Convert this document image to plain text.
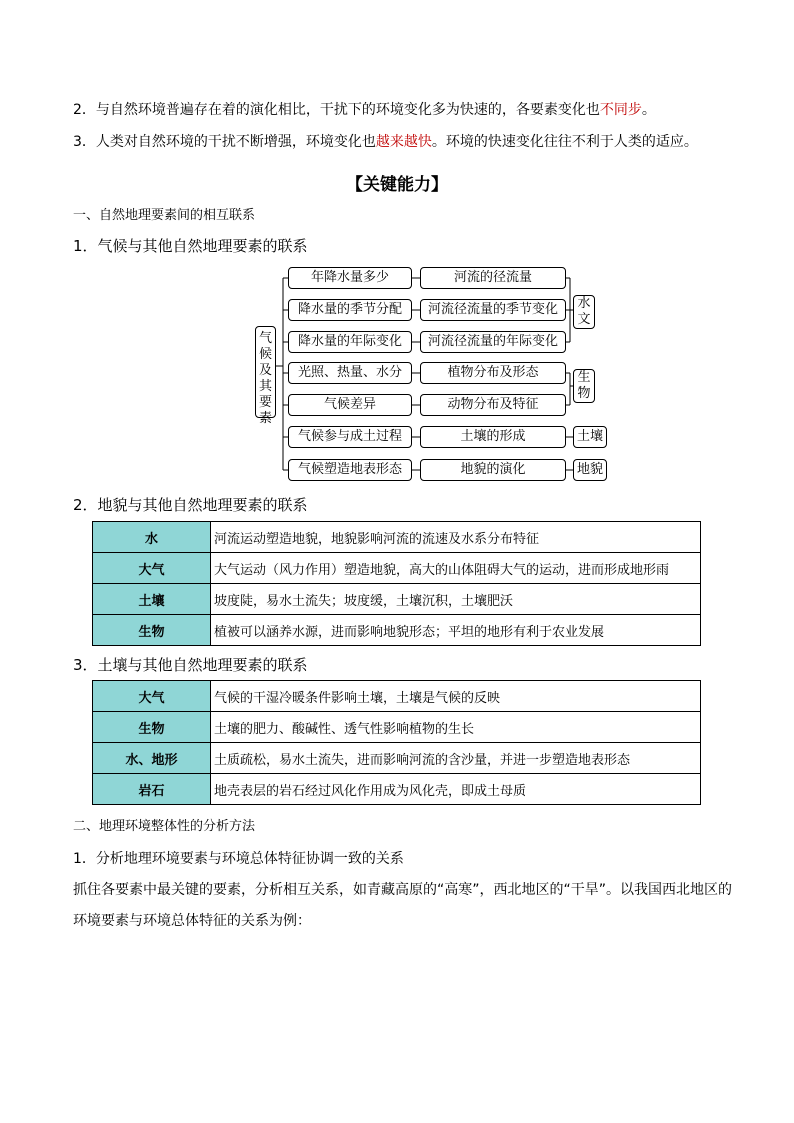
2．与自然环境普遍存在着的演化相比，干扰下的环境变化多为快速的，各要素变化也不同步。
3．人类对自然环境的干扰不断增强，环境变化也越来越快。环境的快速变化往往不利于人类的适应。
【关键能力】
一、自然地理要素间的相互联系
1．气候与其他自然地理要素的联系
气候及其要素
年降水量多少
降水量的季节分配
降水量的年际变化
光照、热量、水分
气候差异
气候参与成土过程
气候塑造地表形态
河流的径流量
河流径流量的季节变化
河流径流量的年际变化
植物分布及形态
动物分布及特征
土壤的形成
地貌的演化
水文
生物
土壤
地貌
2．地貌与其他自然地理要素的联系
水	河流运动塑造地貌，地貌影响河流的流速及水系分布特征
大气	大气运动（风力作用）塑造地貌，高大的山体阻碍大气的运动，进而形成地形雨
土壤	坡度陡，易水土流失；坡度缓，土壤沉积，土壤肥沃
生物	植被可以涵养水源，进而影响地貌形态；平坦的地形有利于农业发展
3．土壤与其他自然地理要素的联系
大气	气候的干湿冷暖条件影响土壤，土壤是气候的反映
生物	土壤的肥力、酸碱性、透气性影响植物的生长
水、地形	土质疏松，易水土流失，进而影响河流的含沙量，并进一步塑造地表形态
岩石	地壳表层的岩石经过风化作用成为风化壳，即成土母质
二、地理环境整体性的分析方法
1．分析地理环境要素与环境总体特征协调一致的关系
抓住各要素中最关键的要素，分析相互关系，如青藏高原的“高寒”，西北地区的“干旱”。以我国西北地区的
环境要素与环境总体特征的关系为例：
